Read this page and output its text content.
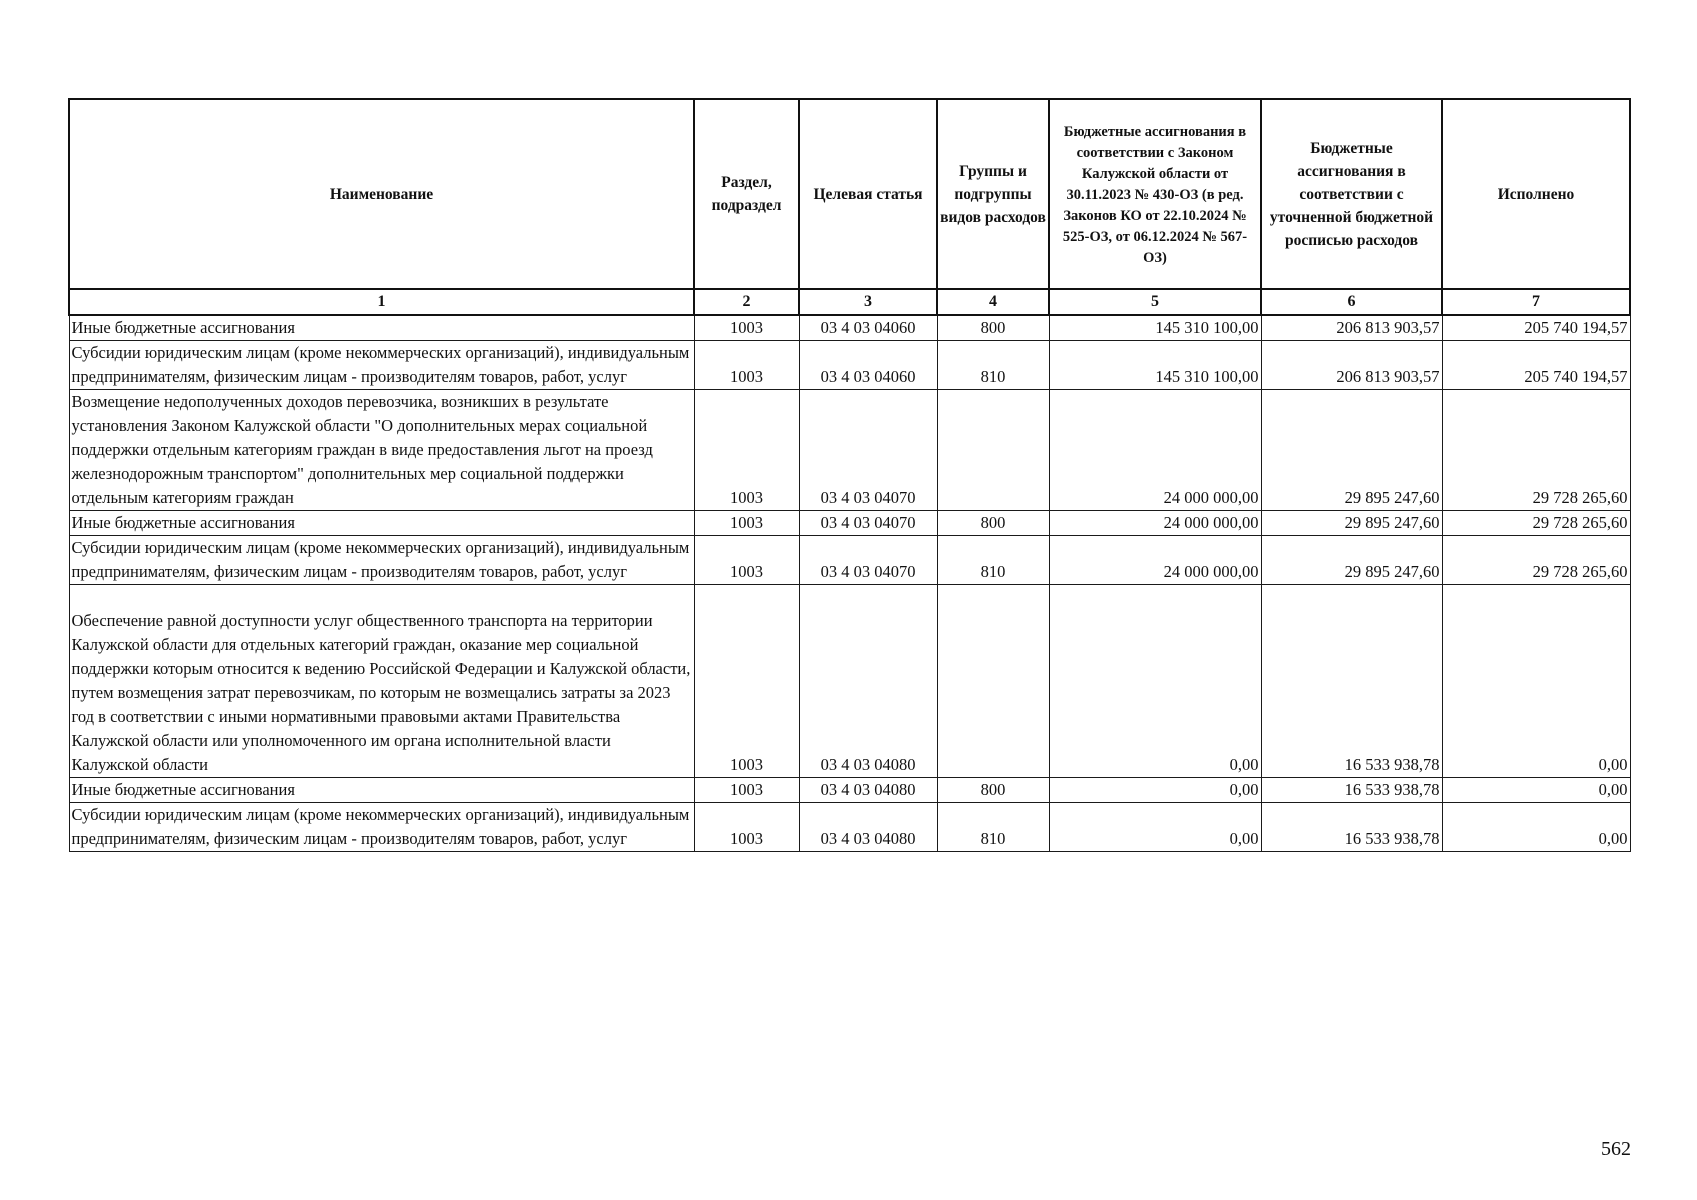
Наименование	Раздел, подраздел	Целевая статья	Группы и подгруппы видов расходов	Бюджетные ассигнования в соответствии с Законом Калужской области от 30.11.2023 № 430-ОЗ (в ред. Законов КО от 22.10.2024 № 525-ОЗ, от 06.12.2024 № 567-ОЗ)	Бюджетные ассигнования в соответствии с уточненной бюджетной росписью расходов	Исполнено
1	2	3	4	5	6	7
Иные бюджетные ассигнования	1003	03 4 03 04060	800	145 310 100,00	206 813 903,57	205 740 194,57
Субсидии юридическим лицам (кроме некоммерческих организаций), индивидуальным предпринимателям, физическим лицам - производителям товаров, работ, услуг	1003	03 4 03 04060	810	145 310 100,00	206 813 903,57	205 740 194,57
Возмещение недополученных доходов перевозчика, возникших в результате установления Законом Калужской области "О дополнительных мерах социальной поддержки отдельным категориям граждан в виде предоставления льгот на проезд железнодорожным транспортом" дополнительных мер социальной поддержки отдельным категориям граждан	1003	03 4 03 04070		24 000 000,00	29 895 247,60	29 728 265,60
Иные бюджетные ассигнования	1003	03 4 03 04070	800	24 000 000,00	29 895 247,60	29 728 265,60
Субсидии юридическим лицам (кроме некоммерческих организаций), индивидуальным предпринимателям, физическим лицам - производителям товаров, работ, услуг	1003	03 4 03 04070	810	24 000 000,00	29 895 247,60	29 728 265,60
Обеспечение равной доступности услуг общественного транспорта на территории Калужской области для отдельных категорий граждан, оказание мер социальной поддержки которым относится к ведению Российской Федерации и Калужской области, путем возмещения затрат перевозчикам, по которым не возмещались затраты за 2023 год в соответствии с иными нормативными правовыми актами Правительства Калужской области или уполномоченного им органа исполнительной власти Калужской области	1003	03 4 03 04080		0,00	16 533 938,78	0,00
Иные бюджетные ассигнования	1003	03 4 03 04080	800	0,00	16 533 938,78	0,00
Субсидии юридическим лицам (кроме некоммерческих организаций), индивидуальным предпринимателям, физическим лицам - производителям товаров, работ, услуг	1003	03 4 03 04080	810	0,00	16 533 938,78	0,00
562
